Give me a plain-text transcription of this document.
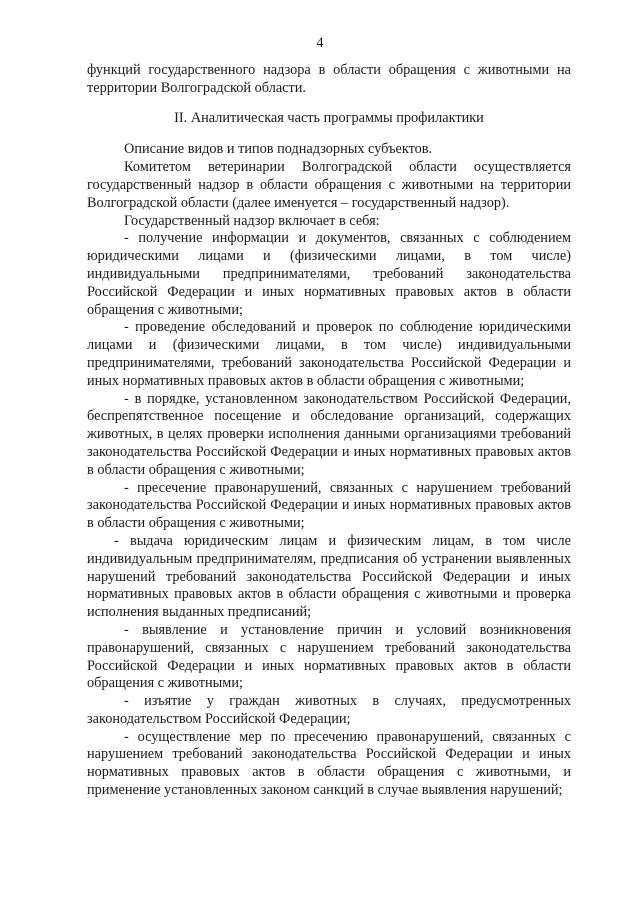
4

функций государственного надзора в области обращения с животными на территории Волгоградской области.

II. Аналитическая часть программы профилактики

Описание видов и типов поднадзорных субъектов.

Комитетом ветеринарии Волгоградской области осуществляется государственный надзор в области обращения с животными на территории Волгоградской области (далее именуется – государственный надзор).

Государственный надзор включает в себя:

- получение информации и документов, связанных с соблюдением юридическими лицами и (физическими лицами, в том числе) индивидуальными предпринимателями, требований законодательства Российской Федерации и иных нормативных правовых актов в области обращения с животными;

- проведение обследований и проверок по соблюдение юридическими лицами и (физическими лицами, в том числе) индивидуальными предпринимателями, требований законодательства Российской Федерации и иных нормативных правовых актов в области обращения с животными;

- в порядке, установленном законодательством Российской Федерации, беспрепятственное посещение и обследование организаций, содержащих животных, в целях проверки исполнения данными организациями требований законодательства Российской Федерации и иных нормативных правовых актов в области обращения с животными;

- пресечение правонарушений, связанных с нарушением требований законодательства Российской Федерации и иных нормативных правовых актов в области обращения с животными;

- выдача юридическим лицам и физическим лицам, в том числе индивидуальным предпринимателям, предписания об устранении выявленных нарушений требований законодательства Российской Федерации и иных нормативных правовых актов в области обращения с животными и проверка исполнения выданных предписаний;

- выявление и установление причин и условий возникновения правонарушений, связанных с нарушением требований законодательства Российской Федерации и иных нормативных правовых актов в области обращения с животными;

- изъятие у граждан животных в случаях, предусмотренных законодательством Российской Федерации;

- осуществление мер по пресечению правонарушений, связанных с нарушением требований законодательства Российской Федерации и иных нормативных правовых актов в области обращения с животными, и применение установленных законом санкций в случае выявления нарушений;
